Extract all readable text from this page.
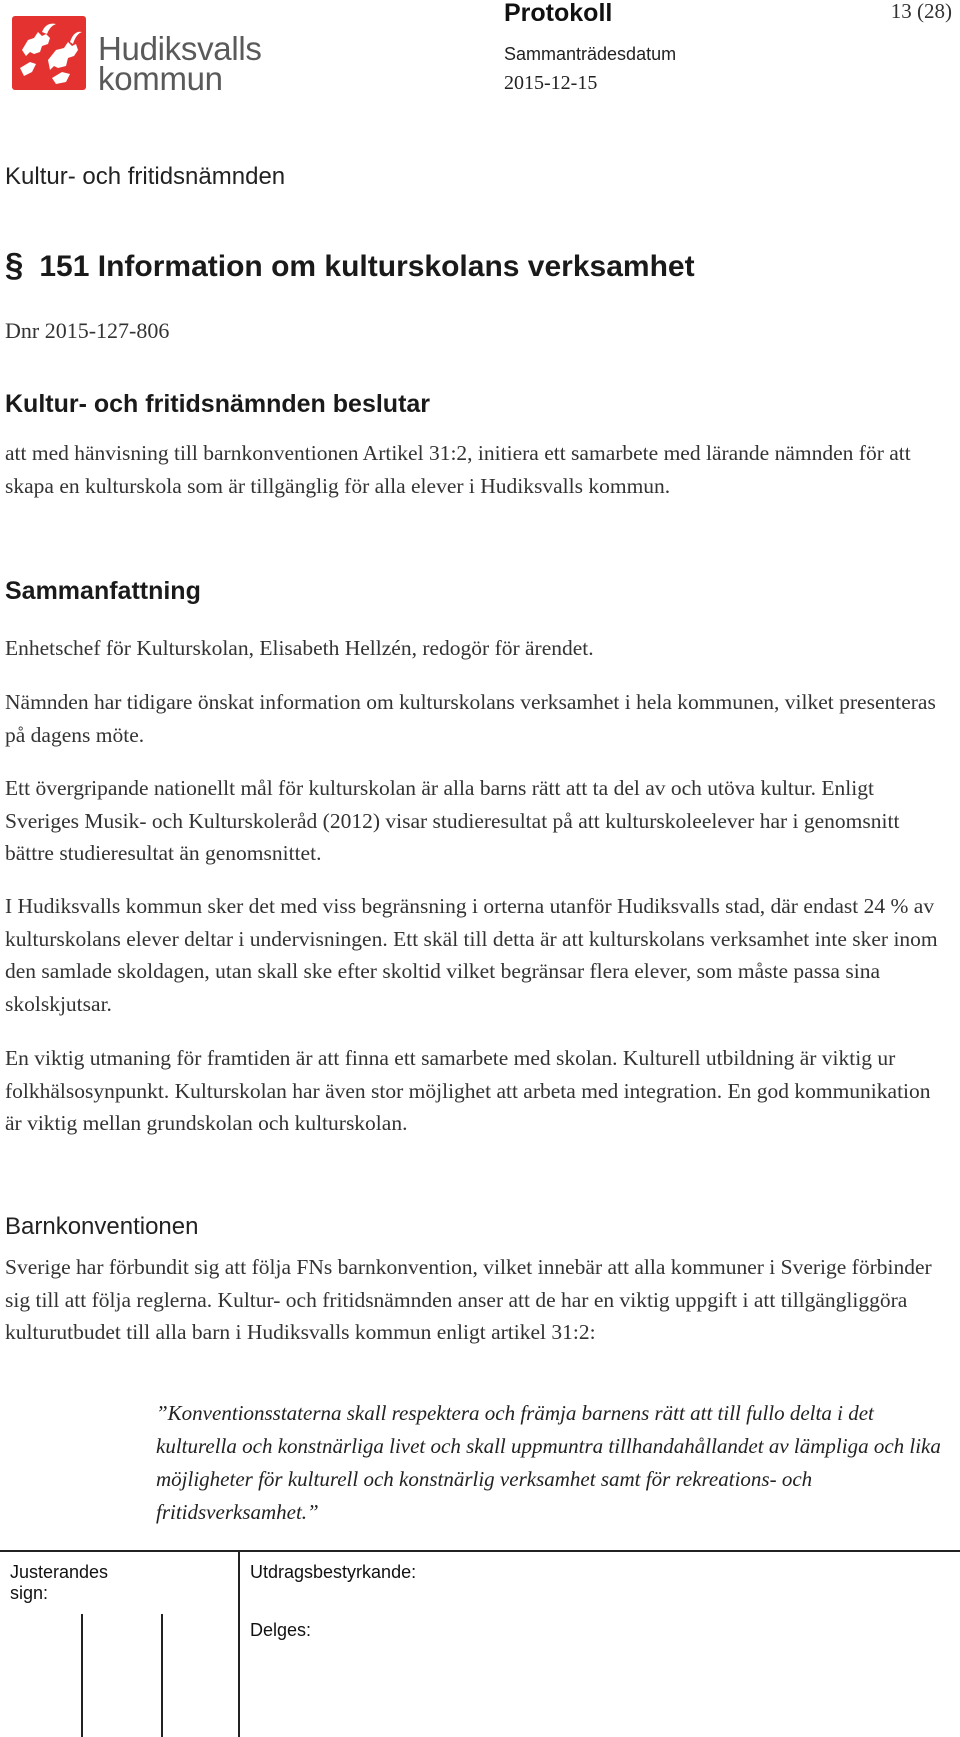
Hudiksvalls
kommun
Protokoll	13 (28)
Sammanträdesdatum
2015-12-15
Kultur- och fritidsnämnden
§ 151 Information om kulturskolans verksamhet
Dnr 2015-127-806
Kultur- och fritidsnämnden beslutar

att med hänvisning till barnkonventionen Artikel 31:2, initiera ett samarbete med lärande nämnden för att skapa en kulturskola som är tillgänglig för alla elever i Hudiksvalls kommun.

Sammanfattning

Enhetschef för Kulturskolan, Elisabeth Hellzén, redogör för ärendet.

Nämnden har tidigare önskat information om kulturskolans verksamhet i hela kommunen, vilket presenteras på dagens möte.

Ett övergripande nationellt mål för kulturskolan är alla barns rätt att ta del av och utöva kultur. Enligt Sveriges Musik- och Kulturskoleråd (2012) visar studieresultat på att kulturskoleelever har i genomsnitt bättre studieresultat än genomsnittet.

I Hudiksvalls kommun sker det med viss begränsning i orterna utanför Hudiksvalls stad, där endast 24 % av kulturskolans elever deltar i undervisningen. Ett skäl till detta är att kulturskolans verksamhet inte sker inom den samlade skoldagen, utan skall ske efter skoltid vilket begränsar flera elever, som måste passa sina skolskjutsar.

En viktig utmaning för framtiden är att finna ett samarbete med skolan. Kulturell utbildning är viktig ur folkhälsosynpunkt. Kulturskolan har även stor möjlighet att arbeta med integration. En god kommunikation är viktig mellan grundskolan och kulturskolan.

Barnkonventionen

Sverige har förbundit sig att följa FNs barnkonvention, vilket innebär att alla kommuner i Sverige förbinder sig till att följa reglerna. Kultur- och fritidsnämnden anser att de har en viktig uppgift i att tillgängliggöra kulturutbudet till alla barn i Hudiksvalls kommun enligt artikel 31:2:

”Konventionsstaterna skall respektera och främja barnens rätt att till fullo delta i det kulturella och konstnärliga livet och skall uppmuntra tillhandahållandet av lämpliga och lika möjligheter för kulturell och konstnärlig verksamhet samt för rekreations- och fritidsverksamhet.”

Justerandes sign:
Utdragsbestyrkande:
Delges:
